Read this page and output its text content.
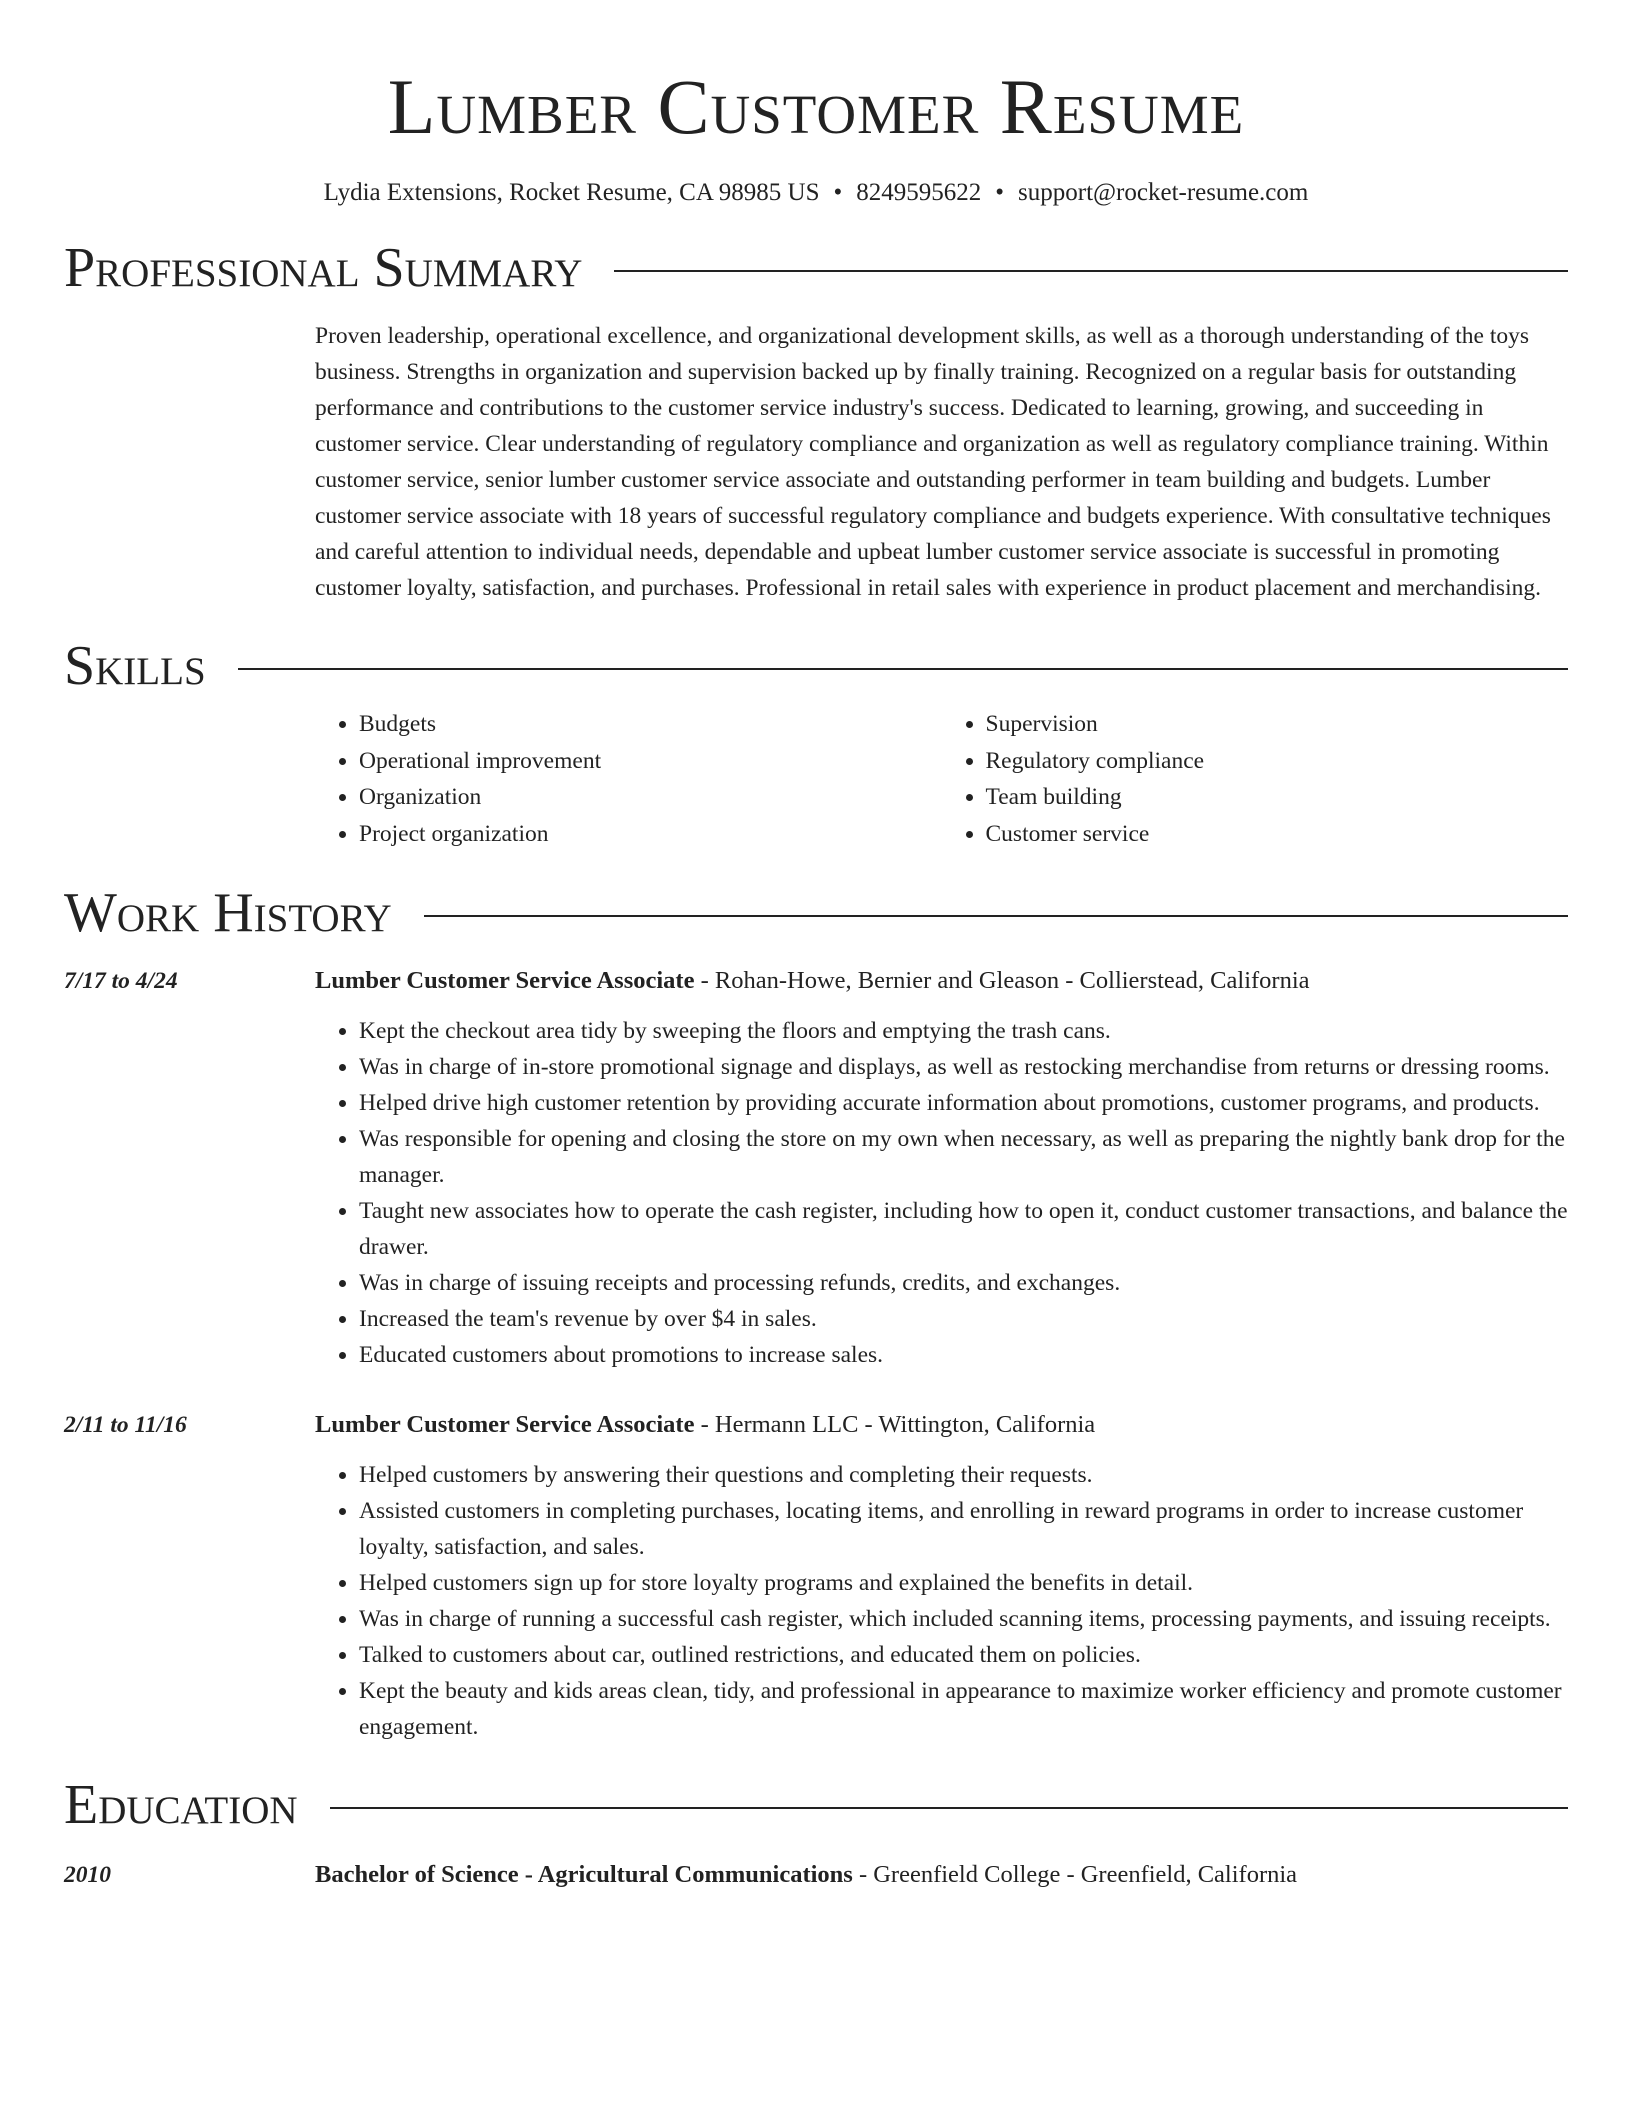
Lumber Customer Resume
Lydia Extensions, Rocket Resume, CA 98985 US • 8249595622 • support@rocket-resume.com
Professional Summary

Proven leadership, operational excellence, and organizational development skills, as well as a thorough understanding of the toys business. Strengths in organization and supervision backed up by finally training. Recognized on a regular basis for outstanding performance and contributions to the customer service industry's success. Dedicated to learning, growing, and succeeding in customer service. Clear understanding of regulatory compliance and organization as well as regulatory compliance training. Within customer service, senior lumber customer service associate and outstanding performer in team building and budgets. Lumber customer service associate with 18 years of successful regulatory compliance and budgets experience. With consultative techniques and careful attention to individual needs, dependable and upbeat lumber customer service associate is successful in promoting customer loyalty, satisfaction, and purchases. Professional in retail sales with experience in product placement and merchandising.

Skills
• Budgets
• Operational improvement
• Organization
• Project organization
• Supervision
• Regulatory compliance
• Team building
• Customer service
Work History
7/17 to 4/24	Lumber Customer Service Associate - Rohan-Howe, Bernier and Gleason - Collierstead, California
• Kept the checkout area tidy by sweeping the floors and emptying the trash cans.
• Was in charge of in-store promotional signage and displays, as well as restocking merchandise from returns or dressing rooms.
• Helped drive high customer retention by providing accurate information about promotions, customer programs, and products.
• Was responsible for opening and closing the store on my own when necessary, as well as preparing the nightly bank drop for the manager.
• Taught new associates how to operate the cash register, including how to open it, conduct customer transactions, and balance the drawer.
• Was in charge of issuing receipts and processing refunds, credits, and exchanges.
• Increased the team's revenue by over $4 in sales.
• Educated customers about promotions to increase sales.
2/11 to 11/16	Lumber Customer Service Associate - Hermann LLC - Wittington, California
• Helped customers by answering their questions and completing their requests.
• Assisted customers in completing purchases, locating items, and enrolling in reward programs in order to increase customer loyalty, satisfaction, and sales.
• Helped customers sign up for store loyalty programs and explained the benefits in detail.
• Was in charge of running a successful cash register, which included scanning items, processing payments, and issuing receipts.
• Talked to customers about car, outlined restrictions, and educated them on policies.
• Kept the beauty and kids areas clean, tidy, and professional in appearance to maximize worker efficiency and promote customer engagement.
Education
2010	Bachelor of Science - Agricultural Communications - Greenfield College - Greenfield, California
